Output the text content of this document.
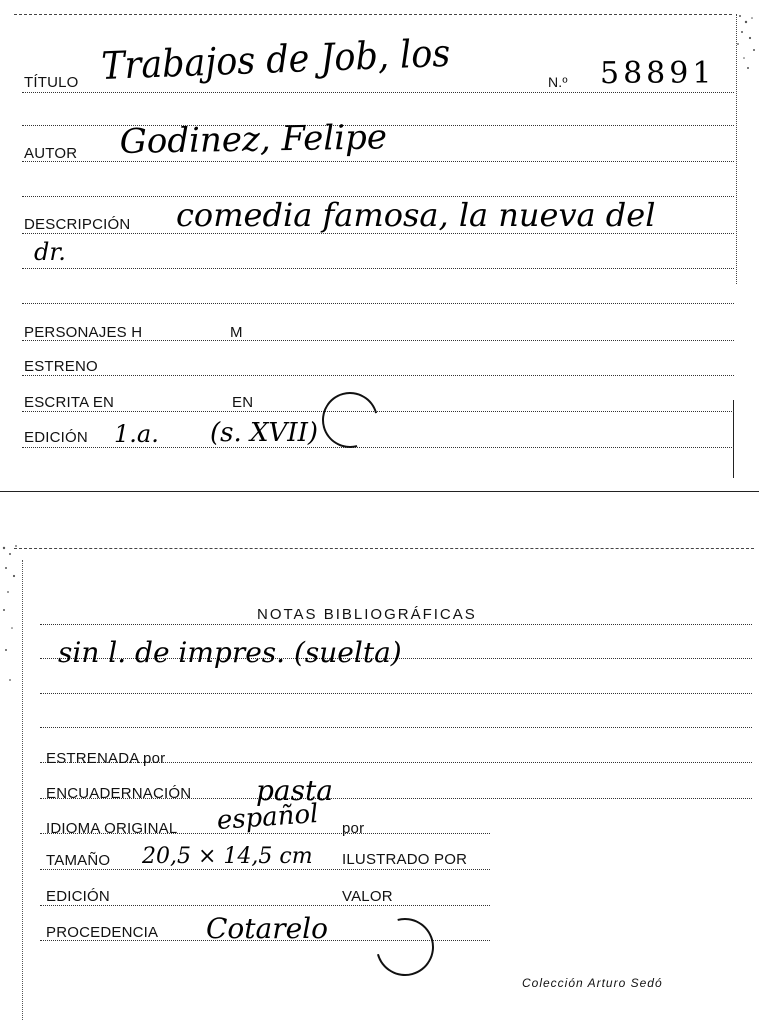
TÍTULO Trabajos de Job, los	N.º 58891
AUTOR Godinez, Felipe
DESCRIPCIÓN comedia famosa, la nueva del
dr.
PERSONAJES H	M
ESTRENO
ESCRITA EN	EN
EDICIÓN 1.a. (s. XVII)
NOTAS BIBLIOGRÁFICAS
sin l. de impres. (suelta)
ESTRENADA por
ENCUADERNACIÓN pasta
IDIOMA ORIGINAL español por
TAMAÑO 20,5 × 14,5 cm ILUSTRADO POR
EDICIÓN	VALOR
PROCEDENCIA Cotarelo
Colección Arturo Sedó
